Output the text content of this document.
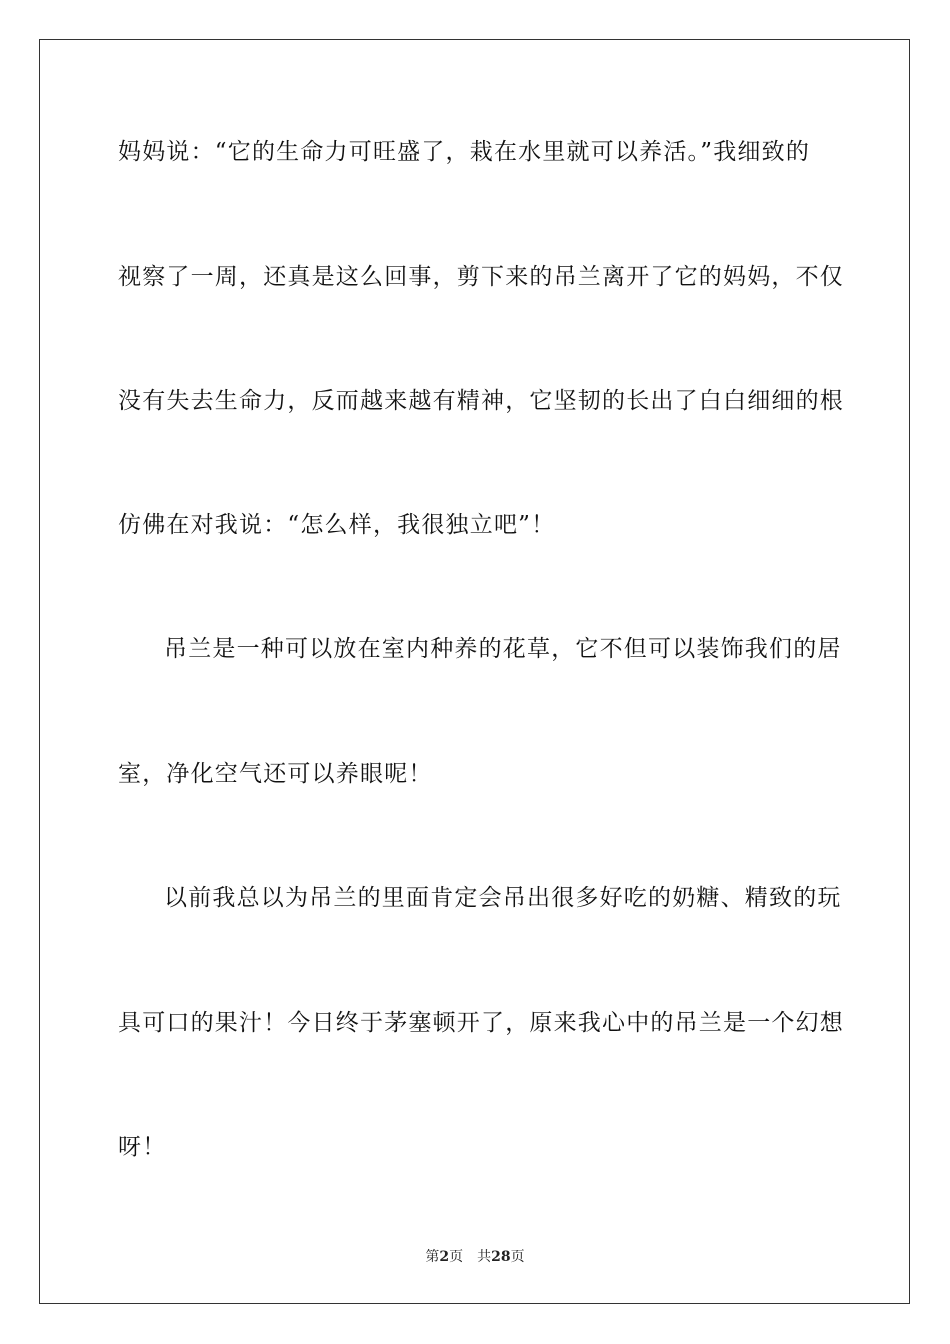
妈妈说：“它的生命力可旺盛了，栽在水里就可以养活。”我细致的

视察了一周，还真是这么回事，剪下来的吊兰离开了它的妈妈，不仅

没有失去生命力，反而越来越有精神，它坚韧的长出了白白细细的根

仿佛在对我说：“怎么样，我很独立吧”！

吊兰是一种可以放在室内种养的花草，它不但可以装饰我们的居

室，净化空气还可以养眼呢！

以前我总以为吊兰的里面肯定会吊出很多好吃的奶糖、精致的玩

具可口的果汁！今日终于茅塞顿开了，原来我心中的吊兰是一个幻想

呀！

第2页 共28页
